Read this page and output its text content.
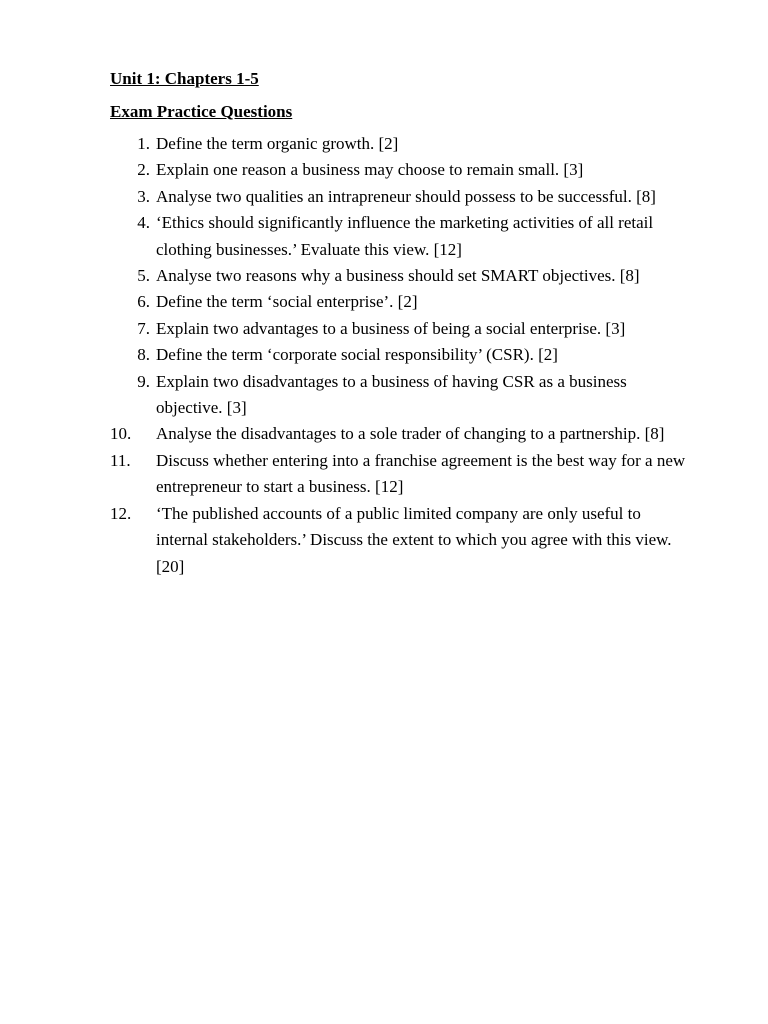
Unit 1: Chapters 1-5

Exam Practice Questions

1. Define the term organic growth. [2]
2. Explain one reason a business may choose to remain small. [3]
3. Analyse two qualities an intrapreneur should possess to be successful. [8]
4. ‘Ethics should significantly influence the marketing activities of all retail clothing businesses.’ Evaluate this view. [12]
5. Analyse two reasons why a business should set SMART objectives. [8]
6. Define the term ‘social enterprise’. [2]
7. Explain two advantages to a business of being a social enterprise. [3]
8. Define the term ‘corporate social responsibility’ (CSR). [2]
9. Explain two disadvantages to a business of having CSR as a business objective. [3]
10.	Analyse the disadvantages to a sole trader of changing to a partnership. [8]
11.	Discuss whether entering into a franchise agreement is the best way for a new entrepreneur to start a business. [12]
12.	‘The published accounts of a public limited company are only useful to internal stakeholders.’ Discuss the extent to which you agree with this view. [20]
